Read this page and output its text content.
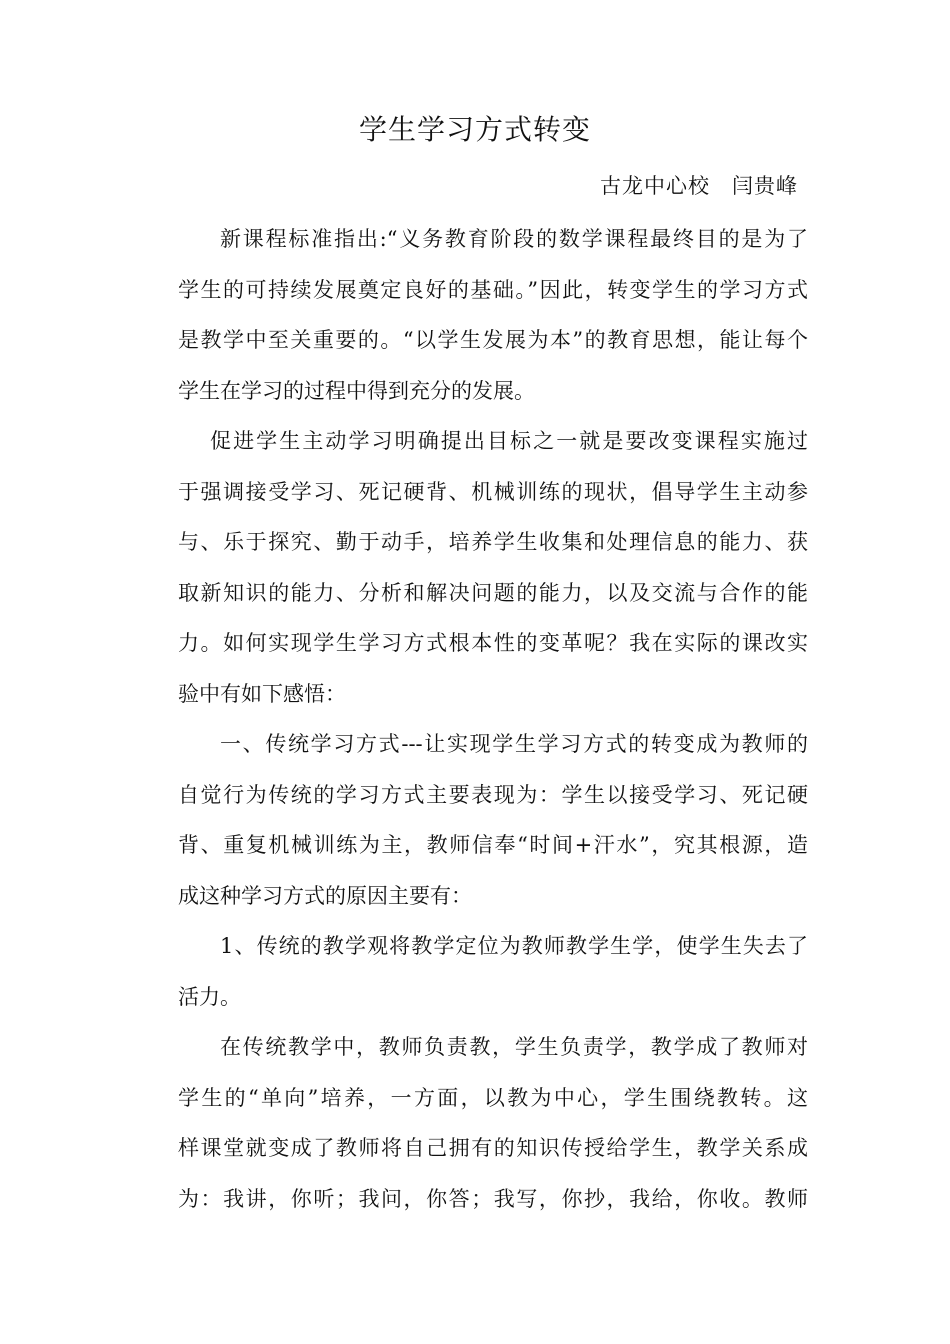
学生学习方式转变
古龙中心校　闫贵峰
新课程标准指出:“义务教育阶段的数学课程最终目的是为了
学生的可持续发展奠定良好的基础。”因此，转变学生的学习方式
是教学中至关重要的。“以学生发展为本”的教育思想，能让每个
学生在学习的过程中得到充分的发展。
促进学生主动学习明确提出目标之一就是要改变课程实施过
于强调接受学习、死记硬背、机械训练的现状，倡导学生主动参
与、乐于探究、勤于动手，培养学生收集和处理信息的能力、获
取新知识的能力、分析和解决问题的能力，以及交流与合作的能
力。如何实现学生学习方式根本性的变革呢？我在实际的课改实
验中有如下感悟：
一、传统学习方式---让实现学生学习方式的转变成为教师的
自觉行为传统的学习方式主要表现为：学生以接受学习、死记硬
背、重复机械训练为主，教师信奉“时间+汗水”，究其根源，造
成这种学习方式的原因主要有：
1、传统的教学观将教学定位为教师教学生学，使学生失去了
活力。
在传统教学中，教师负责教，学生负责学，教学成了教师对
学生的“单向”培养，一方面，以教为中心，学生围绕教转。这
样课堂就变成了教师将自己拥有的知识传授给学生，教学关系成
为：我讲，你听；我问，你答；我写，你抄，我给，你收。教师
